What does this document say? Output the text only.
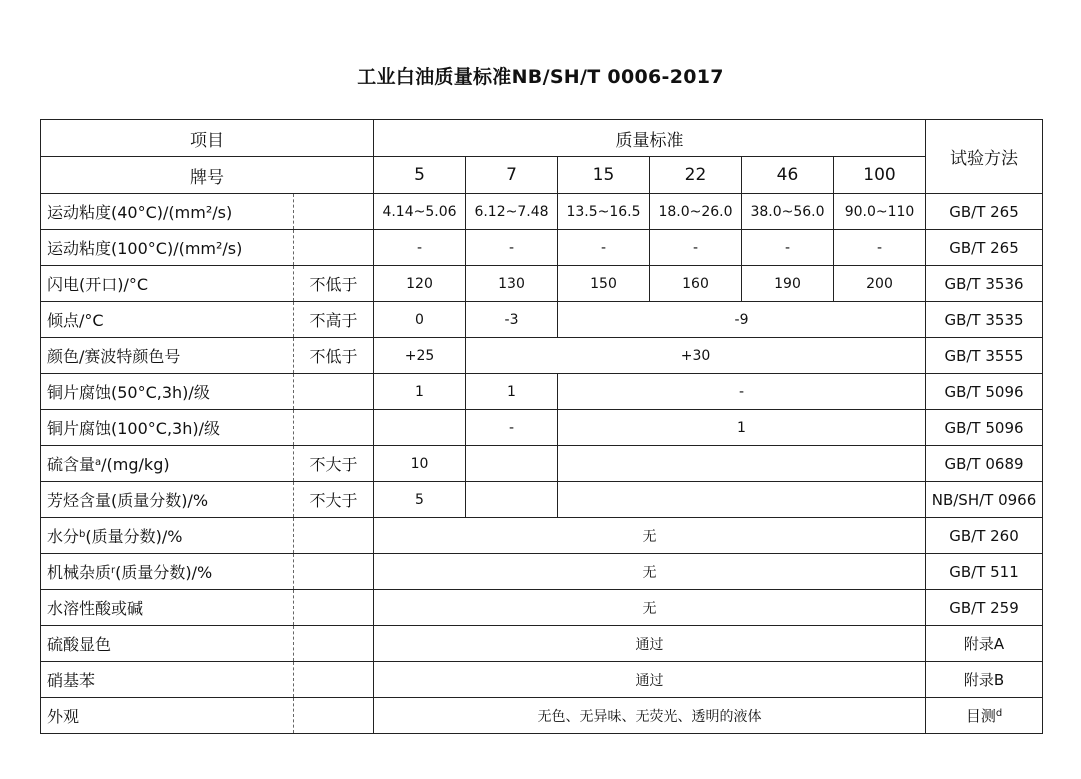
工业白油质量标准NB/SH/T 0006-2017
项目		质量标准						试验方法
牌号		5	7	15	22	46	100	
运动粘度(40°C)/(mm²/s)		4.14~5.06	6.12~7.48	13.5~16.5	18.0~26.0	38.0~56.0	90.0~110	GB/T 265
运动粘度(100°C)/(mm²/s)		-	-	-	-	-	-	GB/T 265
闪电(开口)/°C	不低于	120	130	150	160	190	200	GB/T 3536
倾点/°C	不高于	0	-3	-9				GB/T 3535
颜色/赛波特颜色号	不低于	+25	+30					GB/T 3555
铜片腐蚀(50°C,3h)/级		1	1	-				GB/T 5096
铜片腐蚀(100°C,3h)/级			-	1				GB/T 5096
硫含量$^a$/(mg/kg)	不大于	10						GB/T 0689
芳烃含量(质量分数)/%	不大于	5						NB/SH/T 0966
水分$^b$(质量分数)/%		无						GB/T 260
机械杂质$^r$(质量分数)/%		无						GB/T 511
水溶性酸或碱		无						GB/T 259
硫酸显色		通过						附录A
硝基苯		通过						附录B
外观		无色、无异味、无荧光、透明的液体						目测$^d$
